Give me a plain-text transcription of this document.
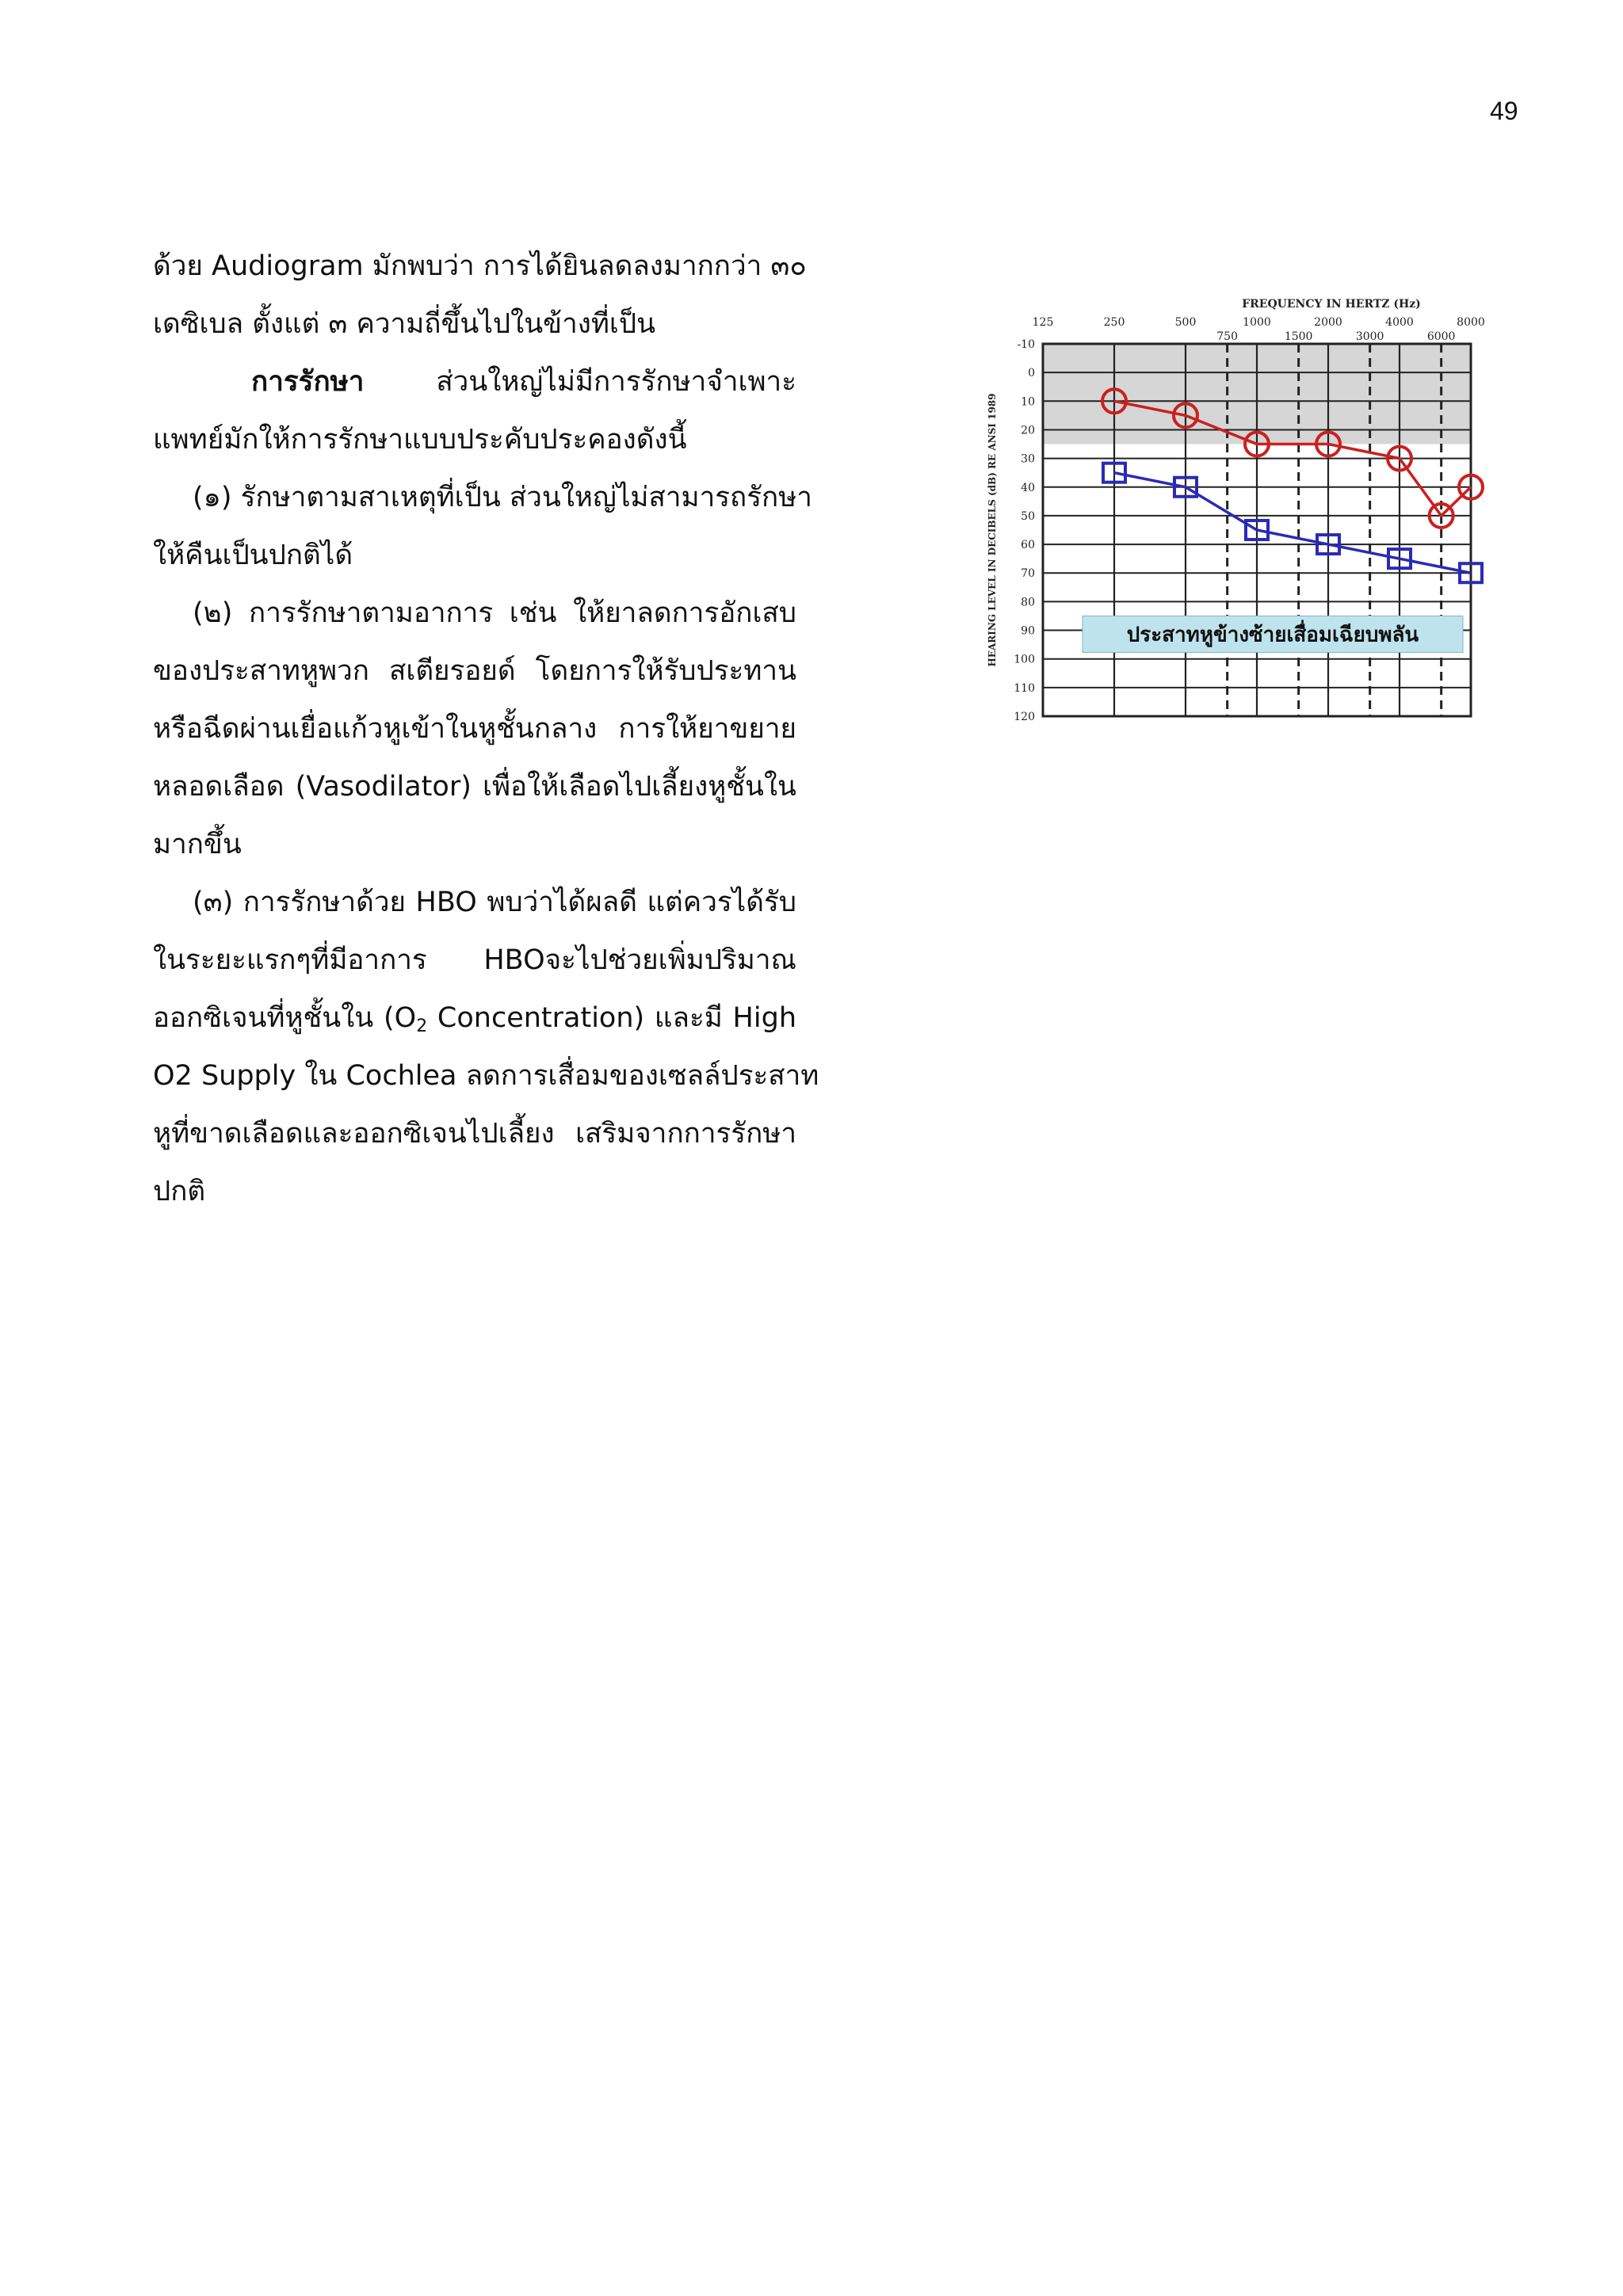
49
ด้วย Audiogram มักพบว่า การได้ยินลดลงมากกว่า ๓๐
เดซิเบล ตั้งแต่ ๓ ความถี่ขึ้นไปในข้างที่เป็น
การรักษา	ส่วนใหญ่ไม่มีการรักษาจำเพาะ
แพทย์มักให้การรักษาแบบประคับประคองดังนี้
(๑) รักษาตามสาเหตุที่เป็น ส่วนใหญ่ไม่สามารถรักษา
ให้คืนเป็นปกติได้
(๒) การรักษาตามอาการ เช่น ให้ยาลดการอักเสบ
ของประสาทหูพวก สเตียรอยด์ โดยการให้รับประทาน
หรือฉีดผ่านเยื่อแก้วหูเข้าในหูชั้นกลาง การให้ยาขยาย
หลอดเลือด (Vasodilator) เพื่อให้เลือดไปเลี้ยงหูชั้นใน
มากขึ้น
(๓) การรักษาด้วย HBO พบว่าได้ผลดี แต่ควรได้รับ
ในระยะแรกๆที่มีอาการ HBOจะไปช่วยเพิ่มปริมาณ
ออกซิเจนที่หูชั้นใน ($O_2$ Concentration) และมี High
O2 Supply ใน Cochlea ลดการเสื่อมของเซลล์ประสาท
หูที่ขาดเลือดและออกซิเจนไปเลี้ยง เสริมจากการรักษา
ปกติ
FREQUENCY IN HERTZ (Hz)
125	250	500	1000	2000	4000	8000
750	1500	3000	6000
-10
0
10
20
30
40
50
60
70
80
90
100
110
120
HEARING LEVEL IN DECIBELS (dB) RE ANSI 1989	ประสาทหูข้างซ้ายเสื่อมเฉียบพลัน
